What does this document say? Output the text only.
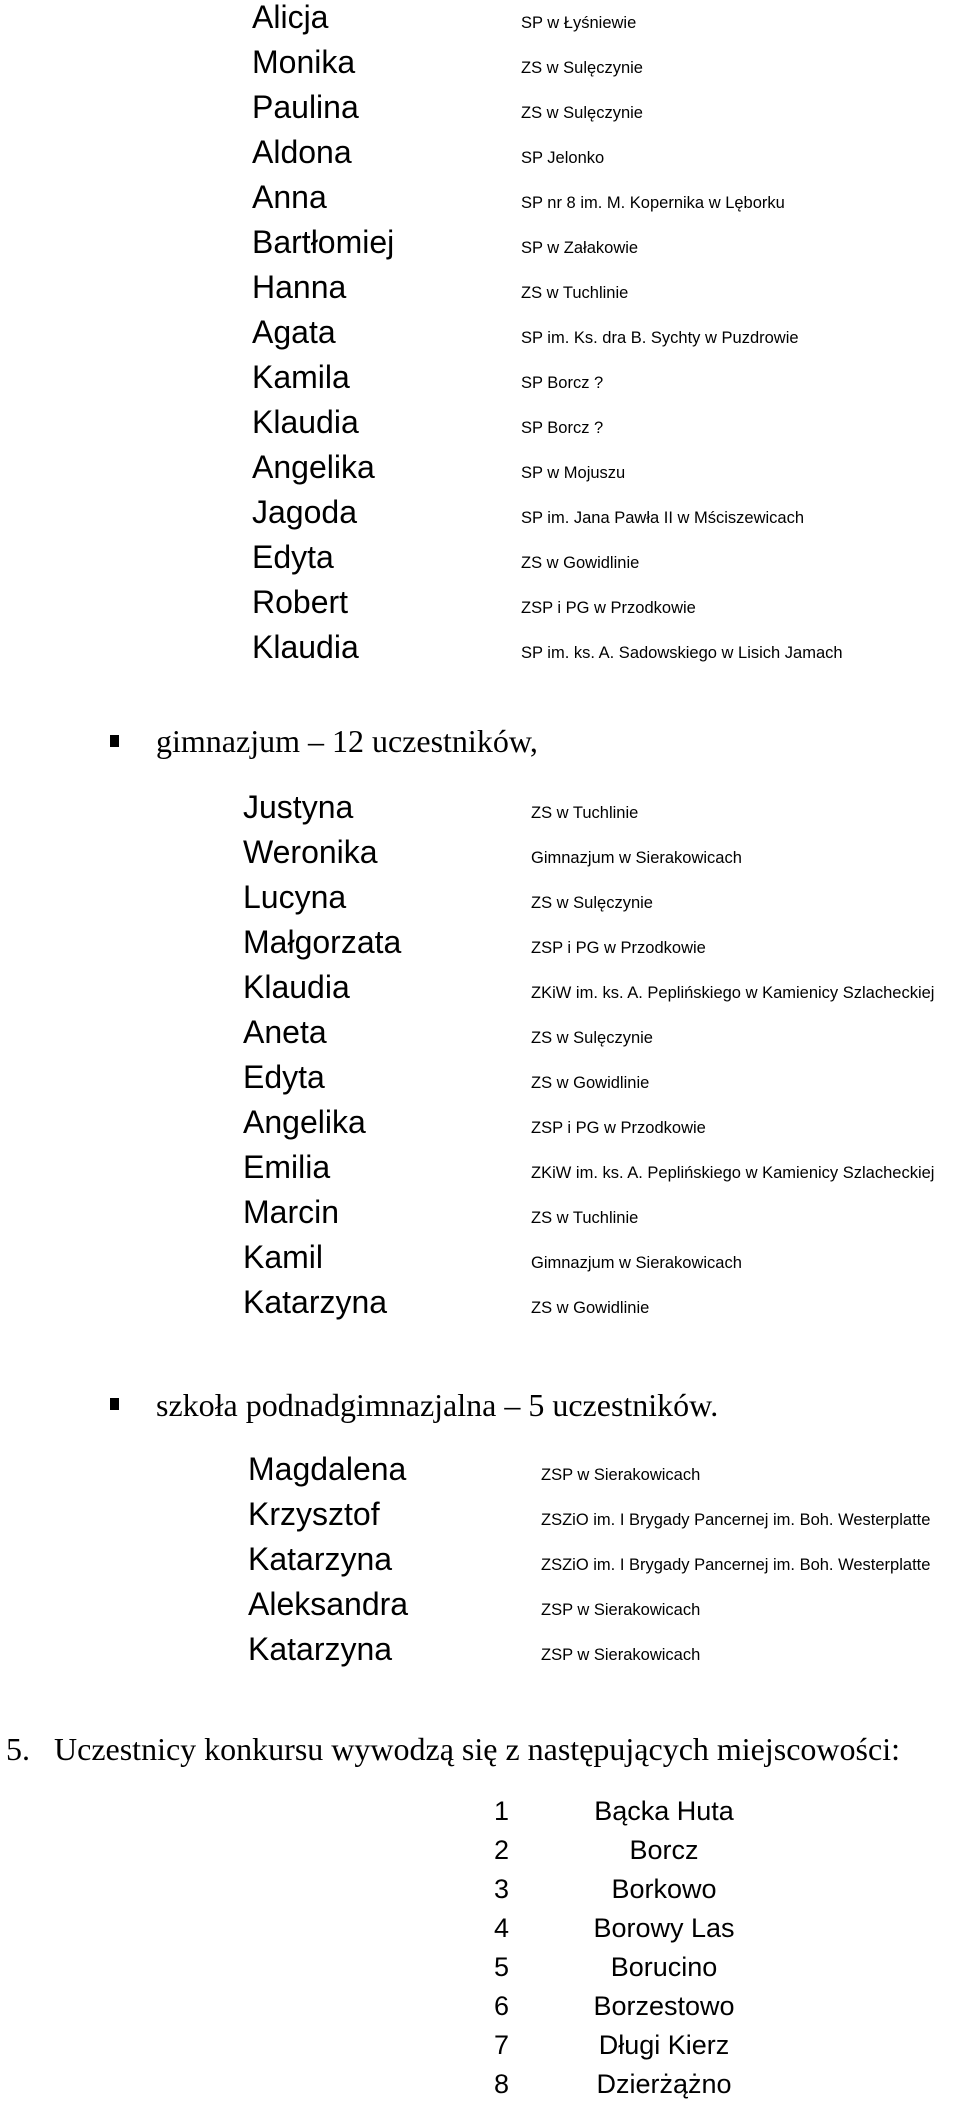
Alicja
Monika
Paulina
Aldona
Anna
Bartłomiej
Hanna
Agata
Kamila
Klaudia
Angelika
Jagoda
Edyta
Robert
Klaudia
SP w Łyśniewie
ZS w Sulęczynie
ZS w Sulęczynie
SP Jelonko
SP nr 8 im. M. Kopernika w Lęborku
SP w Załakowie
ZS w Tuchlinie
SP im. Ks. dra B. Sychty w Puzdrowie
SP Borcz ?
SP Borcz ?
SP w Mojuszu
SP im. Jana Pawła II w Mściszewicach
ZS w Gowidlinie
ZSP i PG w Przodkowie
SP im. ks. A. Sadowskiego w Lisich Jamach
gimnazjum – 12 uczestników,
Justyna
Weronika
Lucyna
Małgorzata
Klaudia
Aneta
Edyta
Angelika
Emilia
Marcin
Kamil
Katarzyna
ZS w Tuchlinie
Gimnazjum w Sierakowicach
ZS w Sulęczynie
ZSP i PG w Przodkowie
ZKiW im. ks. A. Peplińskiego w Kamienicy Szlacheckiej
ZS w Sulęczynie
ZS w Gowidlinie
ZSP i PG w Przodkowie
ZKiW im. ks. A. Peplińskiego w Kamienicy Szlacheckiej
ZS w Tuchlinie
Gimnazjum w Sierakowicach
ZS w Gowidlinie
szkoła podnadgimnazjalna – 5 uczestników.
Magdalena
Krzysztof
Katarzyna
Aleksandra
Katarzyna
ZSP w Sierakowicach
ZSZiO im. I Brygady Pancernej im. Boh. Westerplatte
ZSZiO im. I Brygady Pancernej im. Boh. Westerplatte
ZSP w Sierakowicach
ZSP w Sierakowicach
5. Uczestnicy konkursu wywodzą się z następujących miejscowości:
1
2
3
4
5
6
7
8
Bącka Huta
Borcz
Borkowo
Borowy Las
Borucino
Borzestowo
Długi Kierz
Dzierżążno
